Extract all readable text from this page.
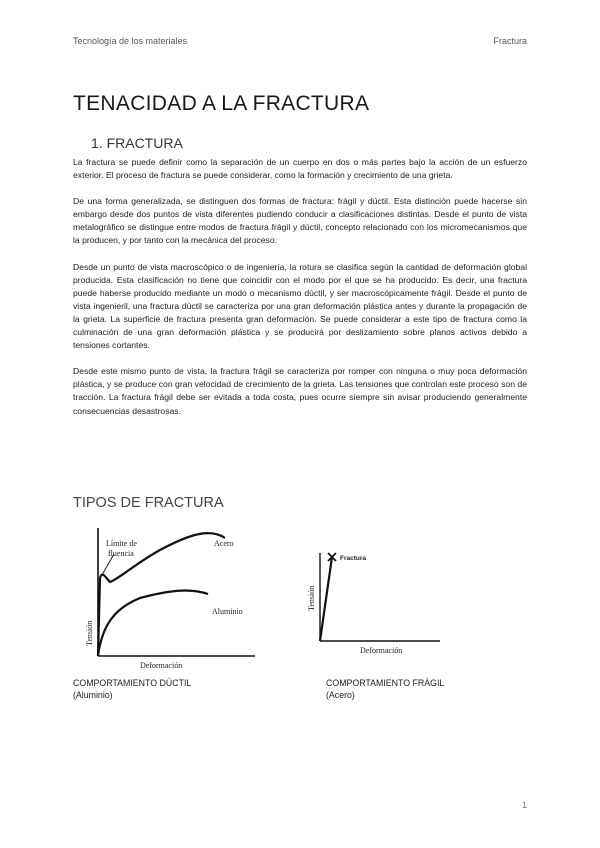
Tecnología de los materiales	Fractura
TENACIDAD A LA FRACTURA
1. FRACTURA

La fractura se puede definir como la separación de un cuerpo en dos o más partes bajo la acción de un esfuerzo exterior. El proceso de fractura se puede considerar, como la formación y crecimiento de una grieta.

De una forma generalizada, se distinguen dos formas de fractura: frágil y dúctil. Esta distinción puede hacerse sin embargo desde dos puntos de vista diferentes pudiendo conducir a clasificaciones distintas. Desde el punto de vista metalográfico se distingue entre modos de fractura frágil y dúctil, concepto relacionado con los micromecanismos que la producen, y por tanto con la mecánica del proceso.

Desde un punto de vista macroscópico o de ingeniería, la rotura se clasifica según la cantidad de deformación global producida. Esta clasificación no tiene que coincidir con el modo por el que se ha producido. Es decir, una fractura puede haberse producido mediante un modo o mecanismo dúctil, y ser macroscópicamente frágil. Desde el punto de vista ingenieril, una fractura dúctil se caracteriza por una gran deformación plástica antes y durante la propagación de la grieta. La superficie de fractura presenta gran deformación. Se puede considerar a este tipo de fractura como la culminación de una gran deformación plástica y se producirá por deslizamiento sobre planos activos debido a tensiones cortantes.

Desde este mismo punto de vista, la fractura frágil se caracteriza por romper con ninguna o muy poca deformación plástica, y se produce con gran velocidad de crecimiento de la grieta. Las tensiones que controlan este proceso son de tracción. La fractura frágil debe ser evitada a toda costa, pues ocurre siempre sin avisar produciendo generalmente consecuencias desastrosas.

TIPOS DE FRACTURA
Límite de
fluencia
Acero
Aluminio
Deformación
Tensión
Fractura
Deformación
Tensión
COMPORTAMIENTO DÚCTIL
(Aluminio)
COMPORTAMIENTO FRÁGIL
(Acero)
1
